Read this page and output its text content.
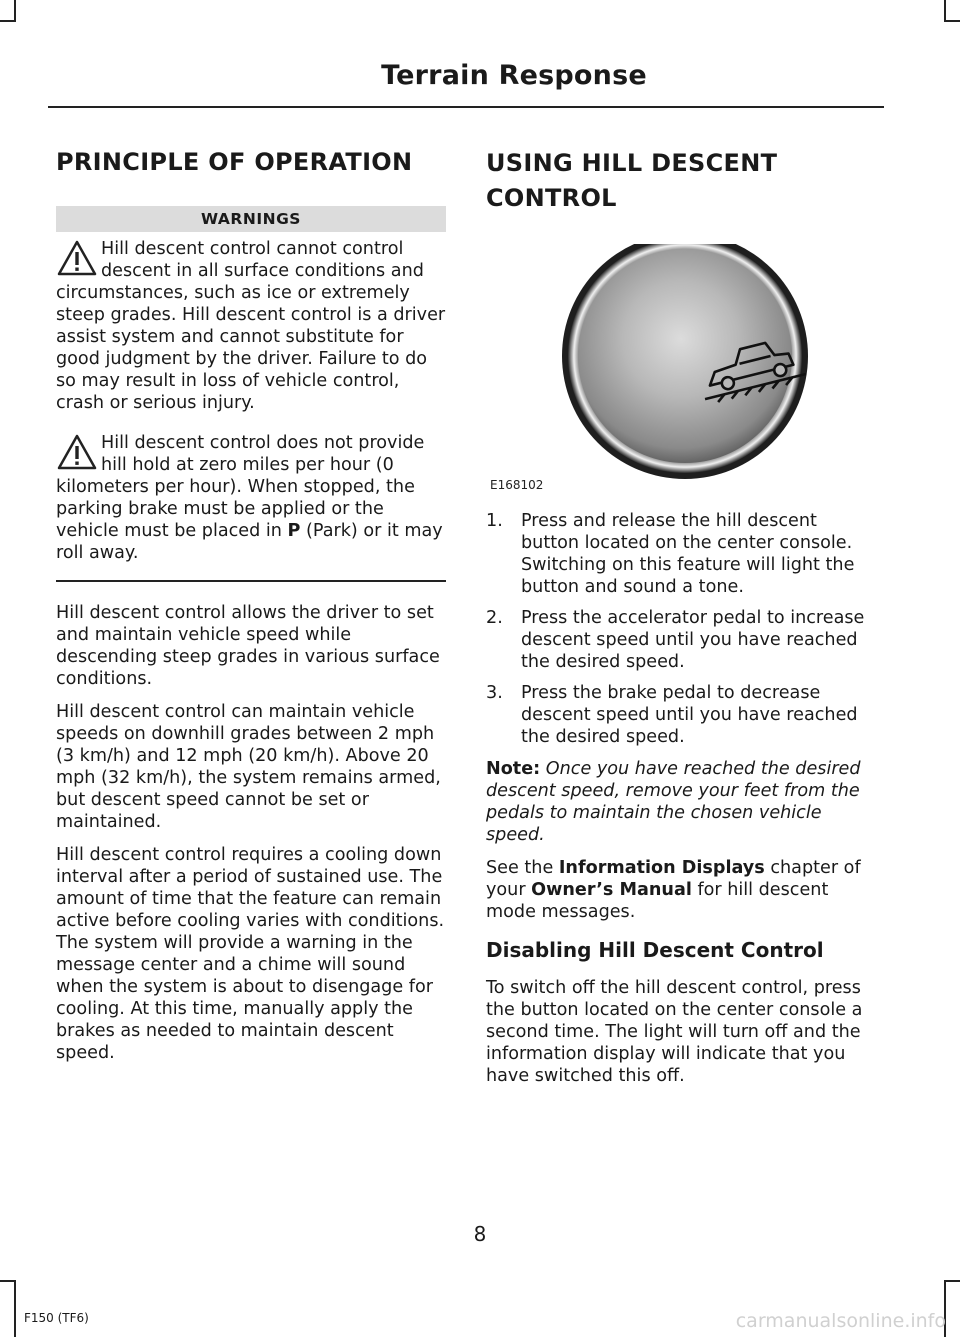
Terrain Response
PRINCIPLE OF OPERATION
WARNINGS

Hill descent control cannot control descent in all surface conditions and circumstances, such as ice or extremely steep grades. Hill descent control is a driver assist system and cannot substitute for good judgment by the driver. Failure to do so may result in loss of vehicle control, crash or serious injury.

Hill descent control does not provide hill hold at zero miles per hour (0 kilometers per hour). When stopped, the parking brake must be applied or the vehicle must be placed in P (Park) or it may roll away.

Hill descent control allows the driver to set and maintain vehicle speed while descending steep grades in various surface conditions.

Hill descent control can maintain vehicle speeds on downhill grades between 2 mph (3 km/h) and 12 mph (20 km/h). Above 20 mph (32 km/h), the system remains armed, but descent speed cannot be set or maintained.

Hill descent control requires a cooling down interval after a period of sustained use. The amount of time that the feature can remain active before cooling varies with conditions. The system will provide a warning in the message center and a chime will sound when the system is about to disengage for cooling. At this time, manually apply the brakes as needed to maintain descent speed.

USING HILL DESCENT
CONTROL
E168102
1. Press and release the hill descent button located on the center console. Switching on this feature will light the button and sound a tone.
2. Press the accelerator pedal to increase descent speed until you have reached the desired speed.
3. Press the brake pedal to decrease descent speed until you have reached the desired speed.

Note: Once you have reached the desired descent speed, remove your feet from the pedals to maintain the chosen vehicle speed.

See the Information Displays chapter of your Owner’s Manual for hill descent mode messages.

Disabling Hill Descent Control

To switch off the hill descent control, press the button located on the center console a second time. The light will turn off and the information display will indicate that you have switched this off.

8
F150 (TF6)	carmanualsonline.info
